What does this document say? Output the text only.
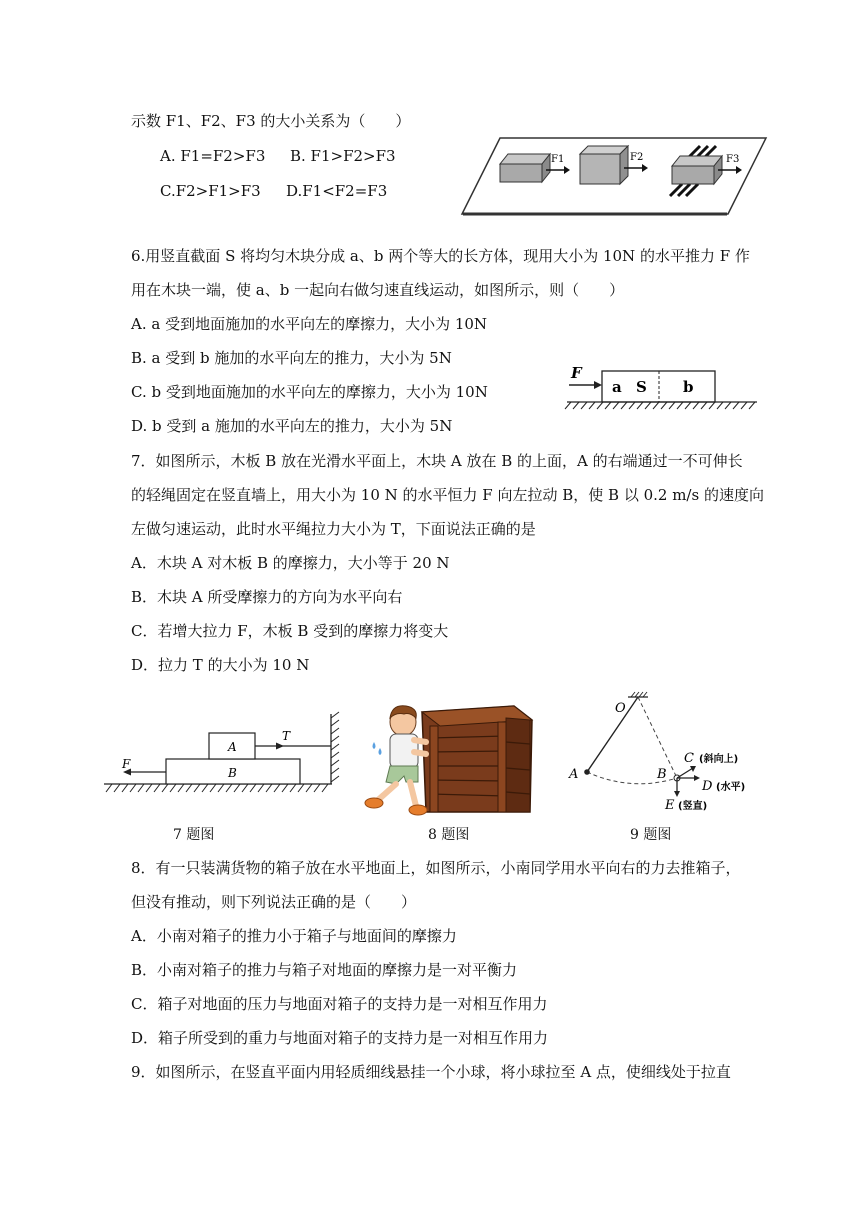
示数 F1、F2、F3 的大小关系为（　　）
A. F1=F2>F3 B. F1>F2>F3
C.F2>F1>F3 D.F1<F2=F3
F1	F2	F3
6.用竖直截面 S 将均匀木块分成 a、b 两个等大的长方体，现用大小为 10N 的水平推力 F 作
用在木块一端，使 a、b 一起向右做匀速直线运动，如图所示，则（　　）
A. a 受到地面施加的水平向左的摩擦力，大小为 10N
B. a 受到 b 施加的水平向左的推力，大小为 5N
C. b 受到地面施加的水平向左的摩擦力，大小为 10N
D. b 受到 a 施加的水平向左的推力，大小为 5N
F
a S b
7．如图所示，木板 B 放在光滑水平面上，木块 A 放在 B 的上面，A 的右端通过一不可伸长
的轻绳固定在竖直墙上，用大小为 10 N 的水平恒力 F 向左拉动 B，使 B 以 0.2 m/s 的速度向
左做匀速运动，此时水平绳拉力大小为 T，下面说法正确的是
A．木块 A 对木板 B 的摩擦力，大小等于 20 N
B．木块 A 所受摩擦力的方向为水平向右
C．若增大拉力 F，木板 B 受到的摩擦力将变大
D．拉力 T 的大小为 10 N
A
B
T
F
O
A	B
C (斜向上)
D (水平)
E (竖直)
7 题图	8 题图	9 题图
8．有一只装满货物的箱子放在水平地面上，如图所示，小南同学用水平向右的力去推箱子，
但没有推动，则下列说法正确的是（　　）
A．小南对箱子的推力小于箱子与地面间的摩擦力
B．小南对箱子的推力与箱子对地面的摩擦力是一对平衡力
C．箱子对地面的压力与地面对箱子的支持力是一对相互作用力
D．箱子所受到的重力与地面对箱子的支持力是一对相互作用力
9．如图所示，在竖直平面内用轻质细线悬挂一个小球，将小球拉至 A 点，使细线处于拉直
